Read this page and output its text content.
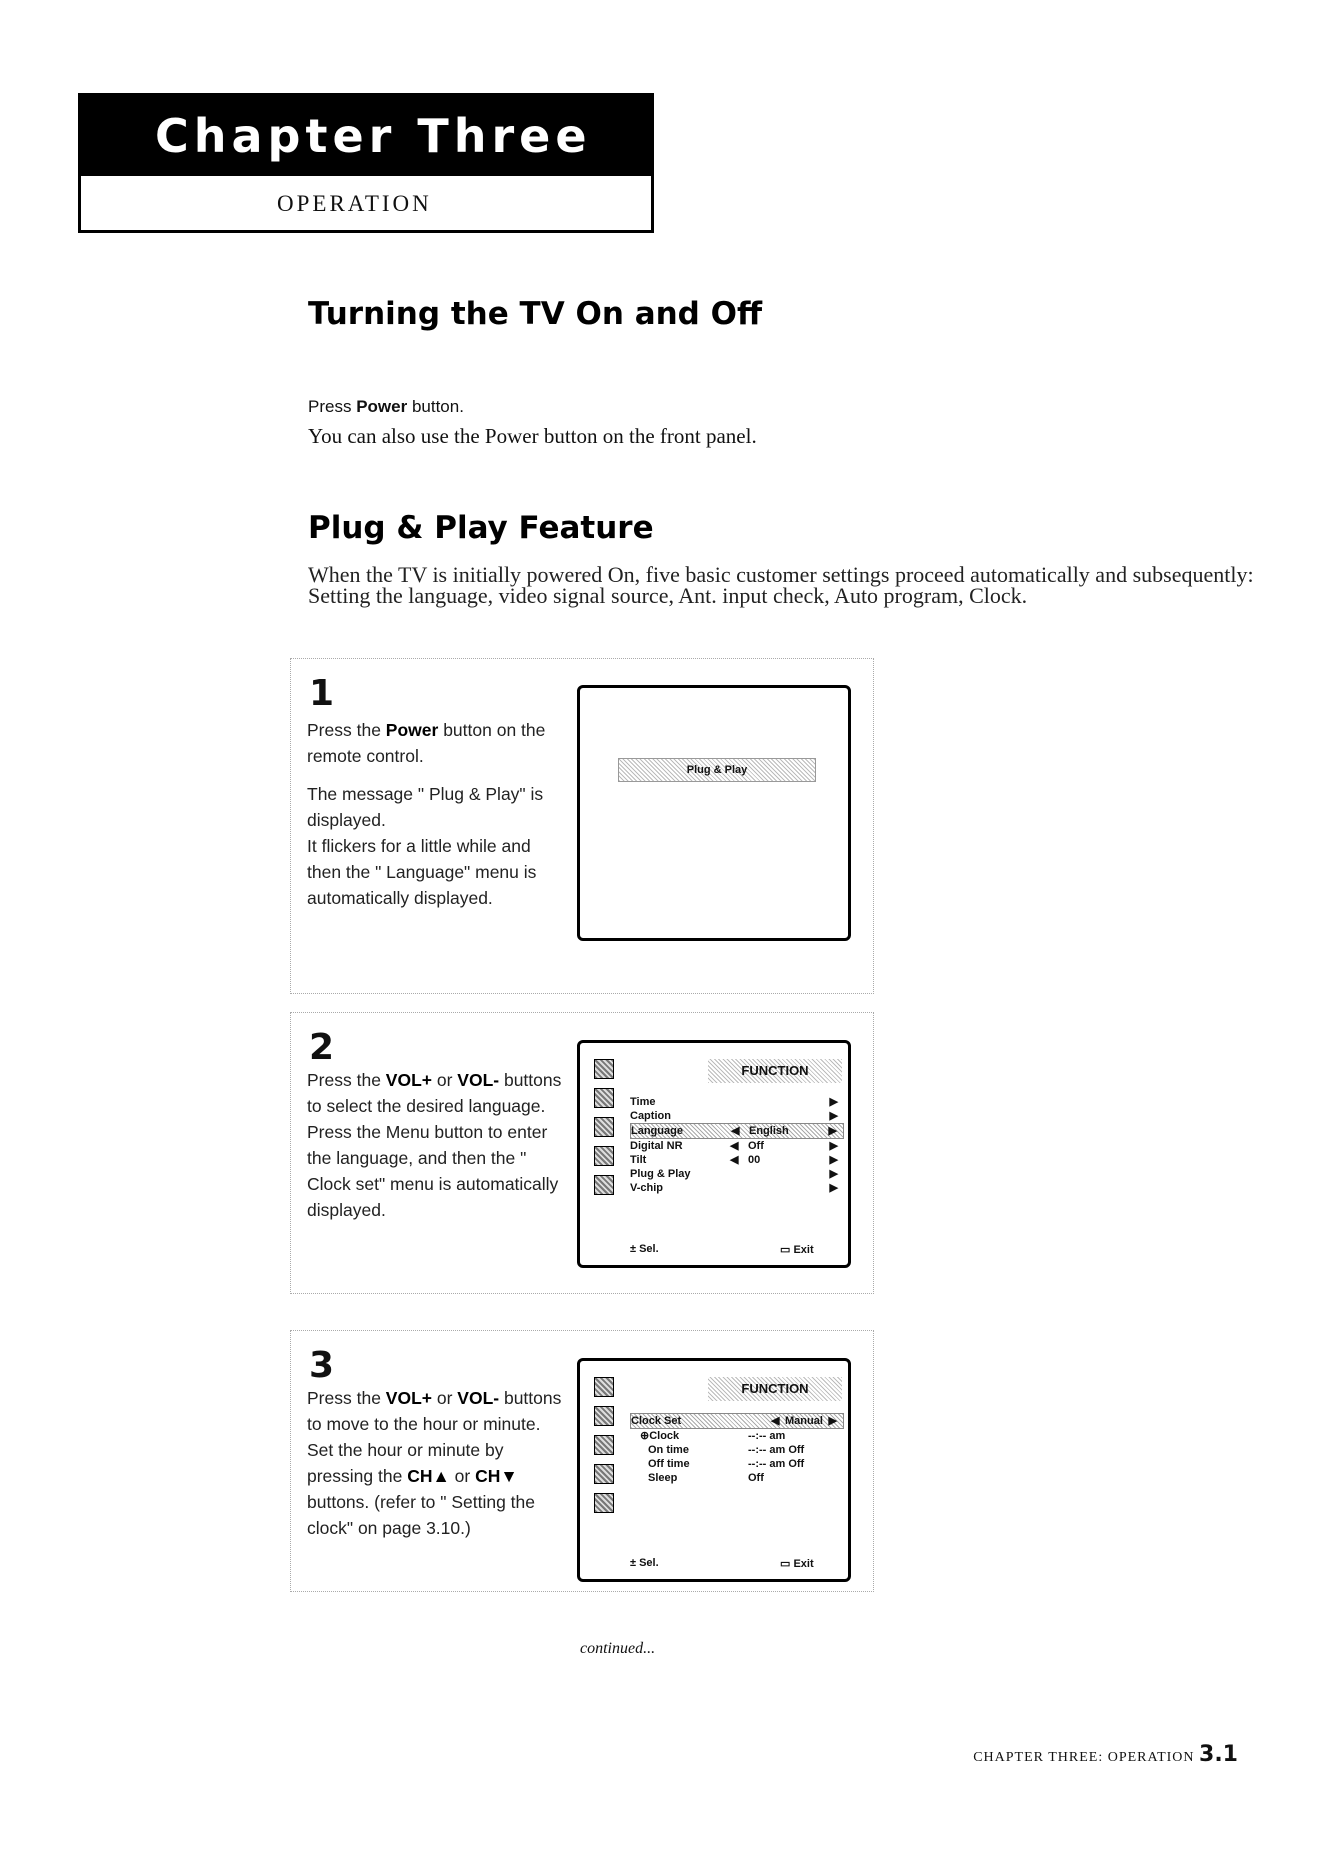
Chapter Three
OPERATION
Turning the TV On and Off
Press Power button.
You can also use the Power button on the front panel.
Plug & Play Feature
When the TV is initially powered On, five basic customer settings proceed automatically and subsequently: Setting the language, video signal source, Ant. input check, Auto program, Clock.
1
Press the Power button on the remote control.
The message " Plug & Play" is displayed.
It flickers for a little while and then the " Language" menu is automatically displayed.
Plug & Play
2
Press the VOL+ or VOL- buttons to select the desired language. Press the Menu button to enter the language, and then the " Clock set" menu is automatically displayed.
FUNCTION
Time	▶
Caption	▶
Language	◀ English	▶
Digital NR	◀ Off	▶
Tilt	◀ 00	▶
Plug & Play	▶
V-chip	▶
± Sel.	▭ Exit
3
Press the VOL+ or VOL- buttons to move to the hour or minute. Set the hour or minute by pressing the CH▲ or CH▼ buttons. (refer to " Setting the clock" on page 3.10.)
FUNCTION
Clock Set	◀ Manual ▶
⊕Clock	--:-- am
On time	--:-- am Off
Off time	--:-- am Off
Sleep	Off
± Sel.	▭ Exit
continued...
CHAPTER THREE: OPERATION 3.1
